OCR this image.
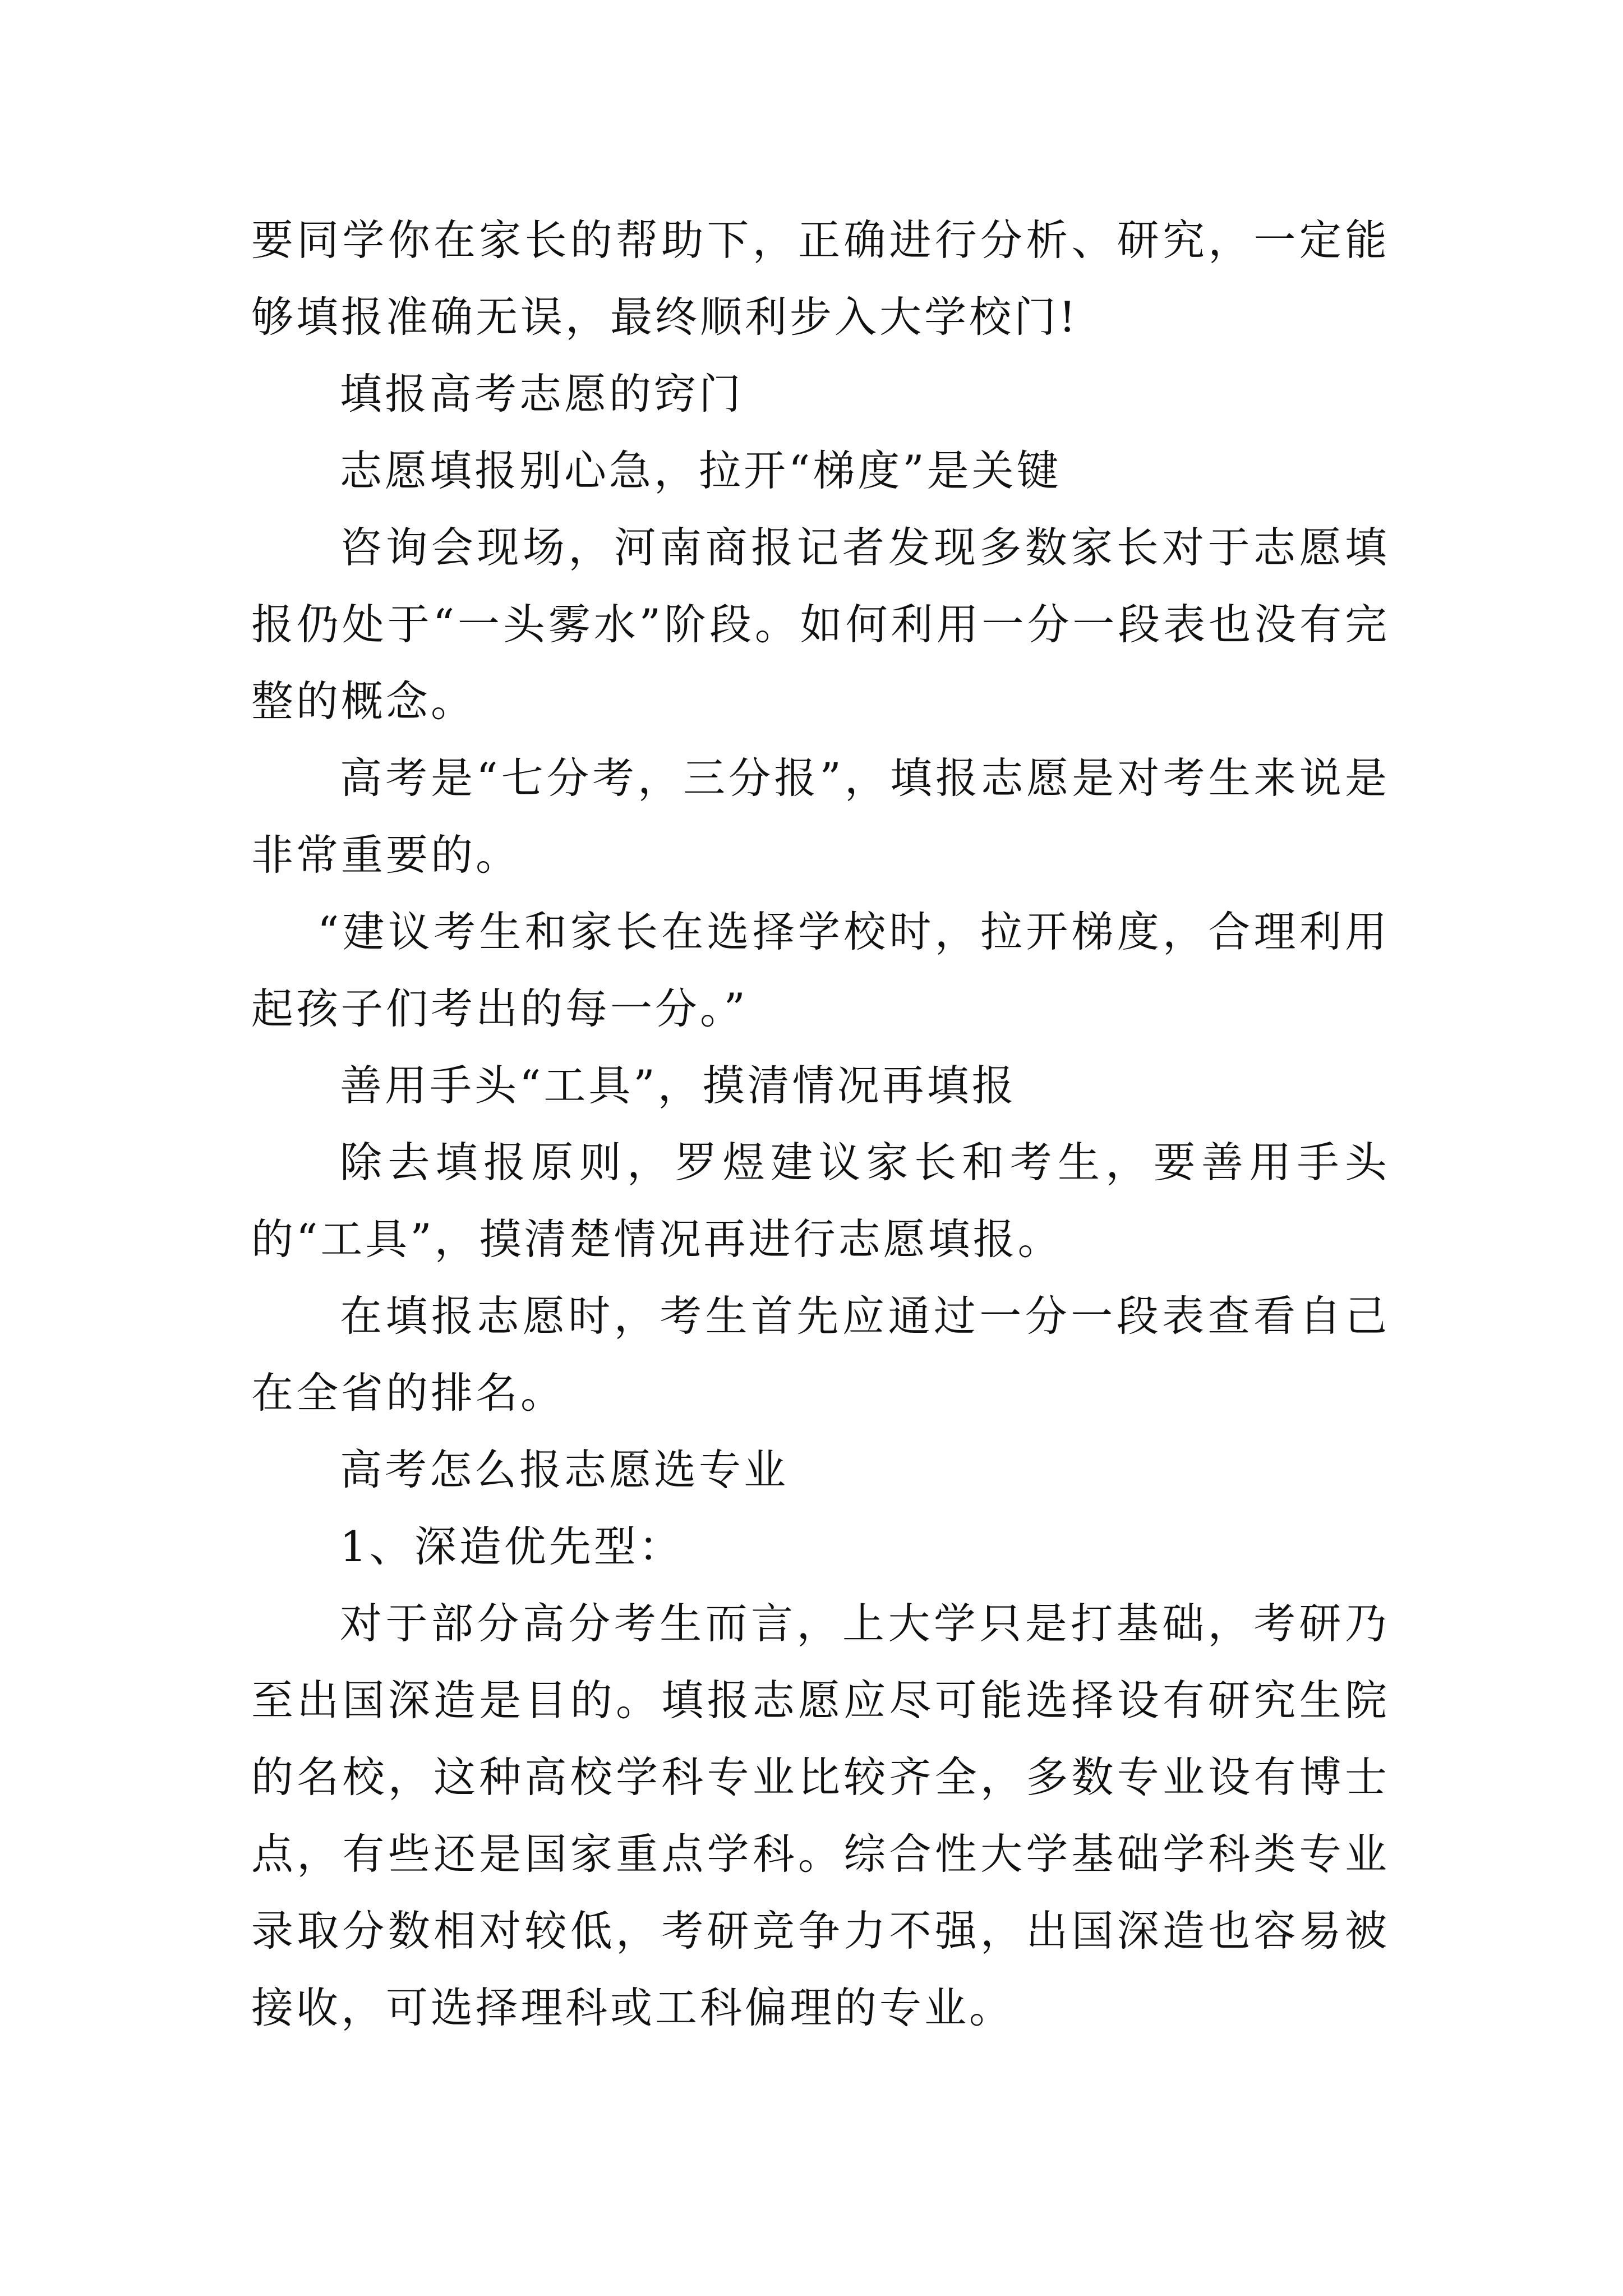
要同学你在家长的帮助下，正确进行分析、研究，一定能够填报准确无误，最终顺利步入大学校门!

填报高考志愿的窍门

志愿填报别心急，拉开“梯度”是关键

咨询会现场，河南商报记者发现多数家长对于志愿填报仍处于“一头雾水”阶段。如何利用一分一段表也没有完整的概念。

高考是“七分考，三分报”，填报志愿是对考生来说是非常重要的。

“建议考生和家长在选择学校时，拉开梯度，合理利用起孩子们考出的每一分。”

善用手头“工具”，摸清情况再填报

除去填报原则，罗煜建议家长和考生，要善用手头的“工具”，摸清楚情况再进行志愿填报。

在填报志愿时，考生首先应通过一分一段表查看自己在全省的排名。

高考怎么报志愿选专业

1、深造优先型：

对于部分高分考生而言，上大学只是打基础，考研乃至出国深造是目的。填报志愿应尽可能选择设有研究生院的名校，这种高校学科专业比较齐全，多数专业设有博士点，有些还是国家重点学科。综合性大学基础学科类专业录取分数相对较低，考研竞争力不强，出国深造也容易被接收，可选择理科或工科偏理的专业。
